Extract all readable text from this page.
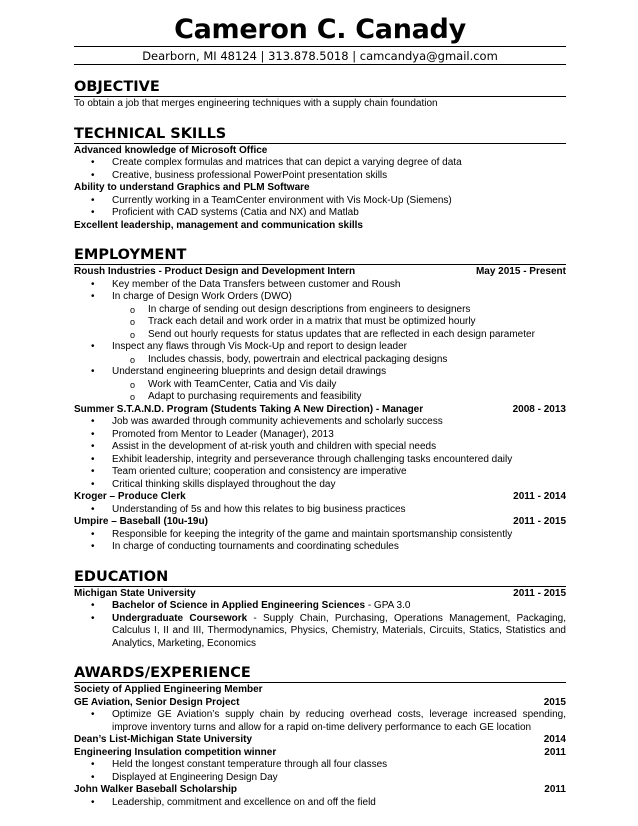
Cameron C. Canady
Dearborn, MI 48124 | 313.878.5018 | camcandya@gmail.com
OBJECTIVE
To obtain a job that merges engineering techniques with a supply chain foundation
TECHNICAL SKILLS
Advanced knowledge of Microsoft Office
• Create complex formulas and matrices that can depict a varying degree of data
• Creative, business professional PowerPoint presentation skills
Ability to understand Graphics and PLM Software
• Currently working in a TeamCenter environment with Vis Mock-Up (Siemens)
• Proficient with CAD systems (Catia and NX) and Matlab
Excellent leadership, management and communication skills
EMPLOYMENT
Roush Industries - Product Design and Development Intern	May 2015 - Present
• Key member of the Data Transfers between customer and Roush
• In charge of Design Work Orders (DWO)
o In charge of sending out design descriptions from engineers to designers
o Track each detail and work order in a matrix that must be optimized hourly
o Send out hourly requests for status updates that are reflected in each design parameter
• Inspect any flaws through Vis Mock-Up and report to design leader
o Includes chassis, body, powertrain and electrical packaging designs
• Understand engineering blueprints and design detail drawings
o Work with TeamCenter, Catia and Vis daily
o Adapt to purchasing requirements and feasibility
Summer S.T.A.N.D. Program (Students Taking A New Direction) - Manager	2008 - 2013
• Job was awarded through community achievements and scholarly success
• Promoted from Mentor to Leader (Manager), 2013
• Assist in the development of at-risk youth and children with special needs
• Exhibit leadership, integrity and perseverance through challenging tasks encountered daily
• Team oriented culture; cooperation and consistency are imperative
• Critical thinking skills displayed throughout the day
Kroger – Produce Clerk	2011 - 2014
• Understanding of 5s and how this relates to big business practices
Umpire – Baseball (10u-19u)	2011 - 2015
• Responsible for keeping the integrity of the game and maintain sportsmanship consistently
• In charge of conducting tournaments and coordinating schedules
EDUCATION
Michigan State University	2011 - 2015
• Bachelor of Science in Applied Engineering Sciences - GPA 3.0
• Undergraduate Coursework - Supply Chain, Purchasing, Operations Management, Packaging, Calculus I, II and III, Thermodynamics, Physics, Chemistry, Materials, Circuits, Statics, Statistics and Analytics, Marketing, Economics
AWARDS/EXPERIENCE
Society of Applied Engineering Member
GE Aviation, Senior Design Project	2015
• Optimize GE Aviation’s supply chain by reducing overhead costs, leverage increased spending, improve inventory turns and allow for a rapid on-time delivery performance to each GE location
Dean’s List-Michigan State University	2014
Engineering Insulation competition winner	2011
• Held the longest constant temperature through all four classes
• Displayed at Engineering Design Day
John Walker Baseball Scholarship	2011
• Leadership, commitment and excellence on and off the field
